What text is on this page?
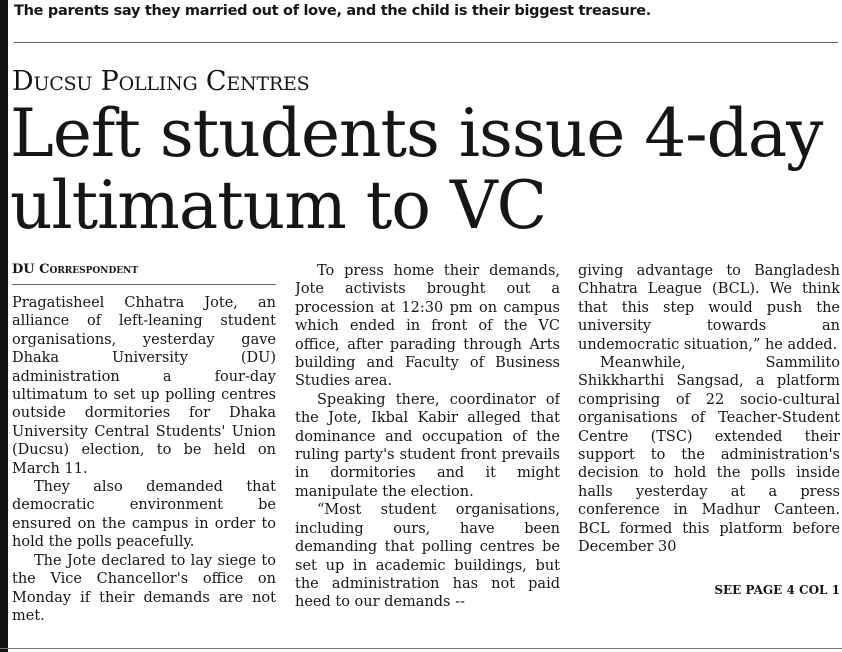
The parents say they married out of love, and the child is their biggest treasure.
Ducsu Polling Centres
Left students issue 4-day
ultimatum to VC
DU Correspondent

Pragatisheel Chhatra Jote, an alliance of left-leaning student organisations, yesterday gave Dhaka University (DU) administration a four-day ultimatum to set up polling centres outside dormitories for Dhaka University Central Students' Union (Ducsu) election, to be held on March 11.

They also demanded that democratic environment be ensured on the campus in order to hold the polls peacefully.

The Jote declared to lay siege to the Vice Chancellor's office on Monday if their demands are not met.

To press home their demands, Jote activists brought out a procession at 12:30 pm on campus which ended in front of the VC office, after parading through Arts building and Faculty of Business Studies area.

Speaking there, coordinator of the Jote, Ikbal Kabir alleged that dominance and occupation of the ruling party's student front prevails in dormitories and it might manipulate the election.

“Most student organisations, including ours, have been demanding that polling centres be set up in academic buildings, but the administration has not paid heed to our demands --

giving advantage to Bangladesh Chhatra League (BCL). We think that this step would push the university towards an undemocratic situation,” he added.

Meanwhile, Sammilito Shikkharthi Sangsad, a platform comprising of 22 socio-cultural organisations of Teacher-Student Centre (TSC) extended their support to the administration's decision to hold the polls inside halls yesterday at a press conference in Madhur Canteen. BCL formed this platform before December 30

SEE PAGE 4 COL 1
